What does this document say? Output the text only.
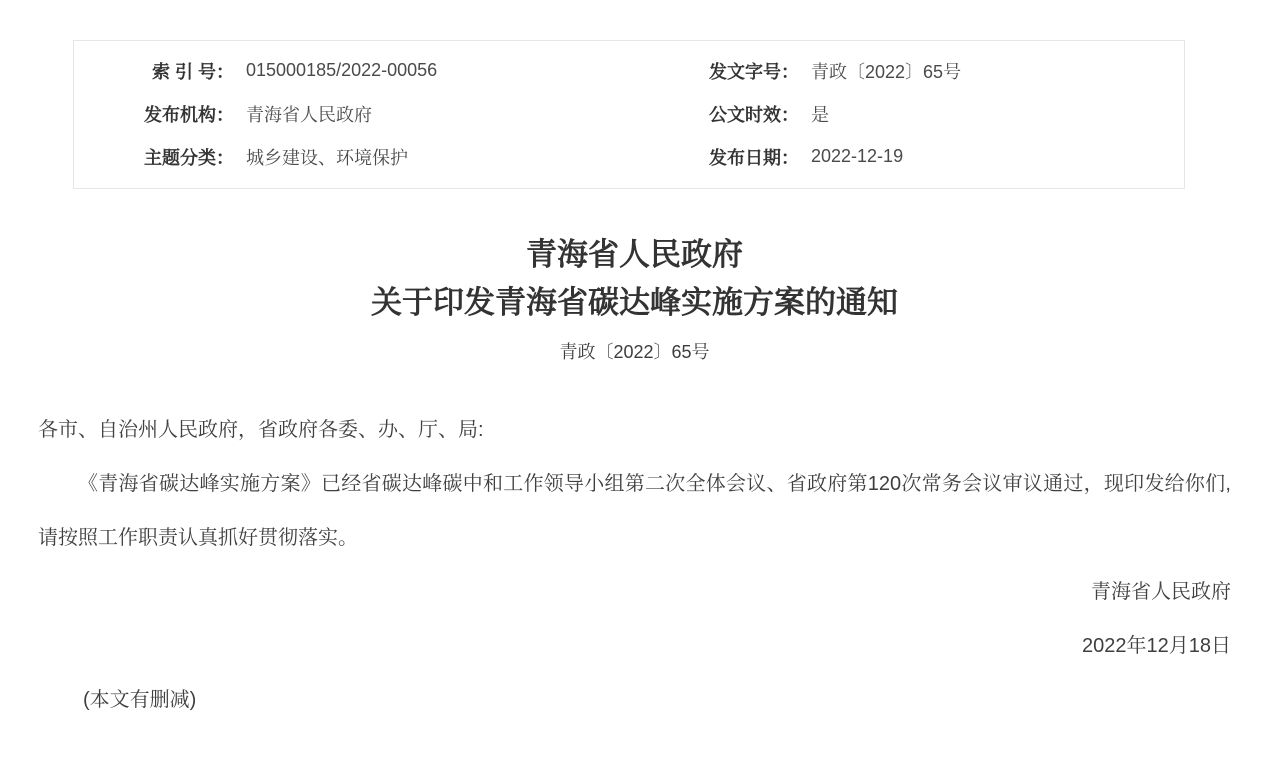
索 引 号： 015000185/2022-00056
发布机构： 青海省人民政府
主题分类： 城乡建设、环境保护
发文字号： 青政〔2022〕65号
公文时效： 是
发布日期： 2022-12-19
青海省人民政府
关于印发青海省碳达峰实施方案的通知
青政〔2022〕65号

各市、自治州人民政府，省政府各委、办、厅、局:

《青海省碳达峰实施方案》已经省碳达峰碳中和工作领导小组第二次全体会议、省政府第120次常务会议审议通过，现印发给你们,请按照工作职责认真抓好贯彻落实。

青海省人民政府

2022年12月18日

(本文有删减)
